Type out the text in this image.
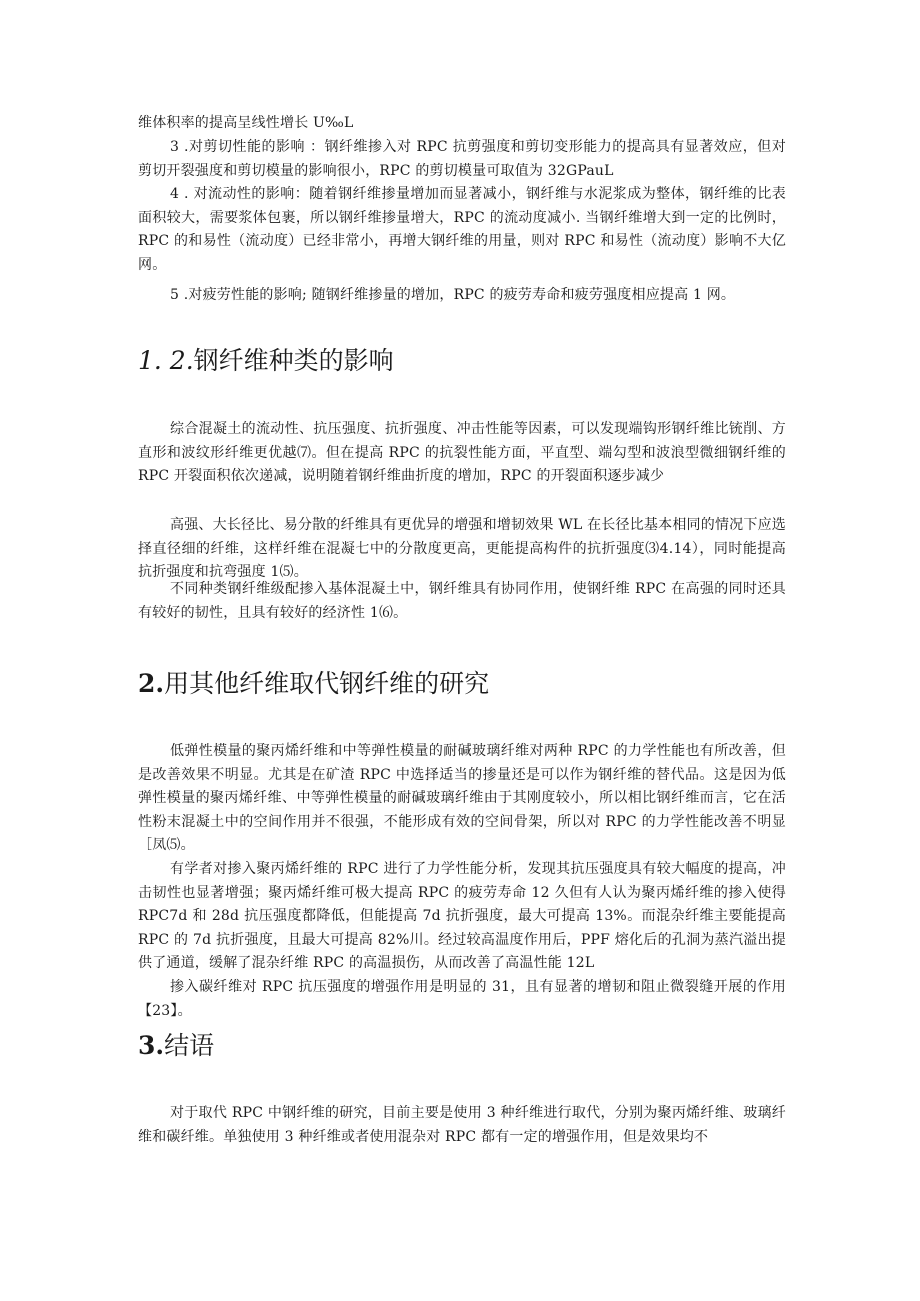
维体积率的提高呈线性增长 U‰L

3 .对剪切性能的影响 ：钢纤维掺入对 RPC 抗剪强度和剪切变形能力的提高具有显著效应，但对剪切开裂强度和剪切模量的影响很小，RPC 的剪切模量可取值为 32GPauL

4 . 对流动性的影响：随着钢纤维掺量增加而显著减小，钢纤维与水泥浆成为整体，钢纤维的比表面积较大，需要浆体包裹，所以钢纤维掺量增大，RPC 的流动度减小. 当钢纤维增大到一定的比例时，RPC 的和易性（流动度）已经非常小，再增大钢纤维的用量，则对 RPC 和易性（流动度）影响不大亿网。

5 .对疲劳性能的影响; 随钢纤维掺量的增加，RPC 的疲劳寿命和疲劳强度相应提高 1 网。

1. 2.钢纤维种类的影响

综合混凝土的流动性、抗压强度、抗折强度、冲击性能等因素，可以发现端钩形钢纤维比铳削、方直形和波纹形纤维更优越⑺。但在提高 RPC 的抗裂性能方面，平直型、端勾型和波浪型微细钢纤维的 RPC 开裂面积依次递减，说明随着钢纤维曲折度的增加，RPC 的开裂面积逐步减少

高强、大长径比、易分散的纤维具有更优异的增强和增韧效果 WL 在长径比基本相同的情况下应选择直径细的纤维，这样纤维在混凝七中的分散度更高，更能提高构件的抗折强度⑶4.14），同时能提高抗折强度和抗弯强度 1⑸。

不同种类钢纤维级配掺入基体混凝土中，钢纤维具有协同作用，使钢纤维 RPC 在高强的同时还具有较好的韧性，且具有较好的经济性 1⑹。

2.用其他纤维取代钢纤维的研究

低弹性模量的聚丙烯纤维和中等弹性模量的耐碱玻璃纤维对两种 RPC 的力学性能也有所改善，但是改善效果不明显。尤其是在矿渣 RPC 中选择适当的掺量还是可以作为钢纤维的替代品。这是因为低弹性模量的聚丙烯纤维、中等弹性模量的耐碱玻璃纤维由于其刚度较小，所以相比钢纤维而言，它在活性粉末混凝土中的空间作用并不很强，不能形成有效的空间骨架，所以对 RPC 的力学性能改善不明显［凤⑸。

有学者对掺入聚丙烯纤维的 RPC 进行了力学性能分析，发现其抗压强度具有较大幅度的提高，冲击韧性也显著增强；聚丙烯纤维可极大提高 RPC 的疲劳寿命 12 久但有人认为聚丙烯纤维的掺入使得 RPC7d 和 28d 抗压强度都降低，但能提高 7d 抗折强度，最大可提高 13%。而混杂纤维主要能提高 RPC 的 7d 抗折强度，且最大可提高 82%川。经过较高温度作用后，PPF 熔化后的孔洞为蒸汽溢出提供了通道，缓解了混杂纤维 RPC 的高温损伤，从而改善了高温性能 12L

掺入碳纤维对 RPC 抗压强度的增强作用是明显的 31，且有显著的增韧和阻止微裂缝开展的作用【23】。

3.结语

对于取代 RPC 中钢纤维的研究，目前主要是使用 3 种纤维进行取代，分别为聚丙烯纤维、玻璃纤维和碳纤维。单独使用 3 种纤维或者使用混杂对 RPC 都有一定的增强作用，但是效果均不
